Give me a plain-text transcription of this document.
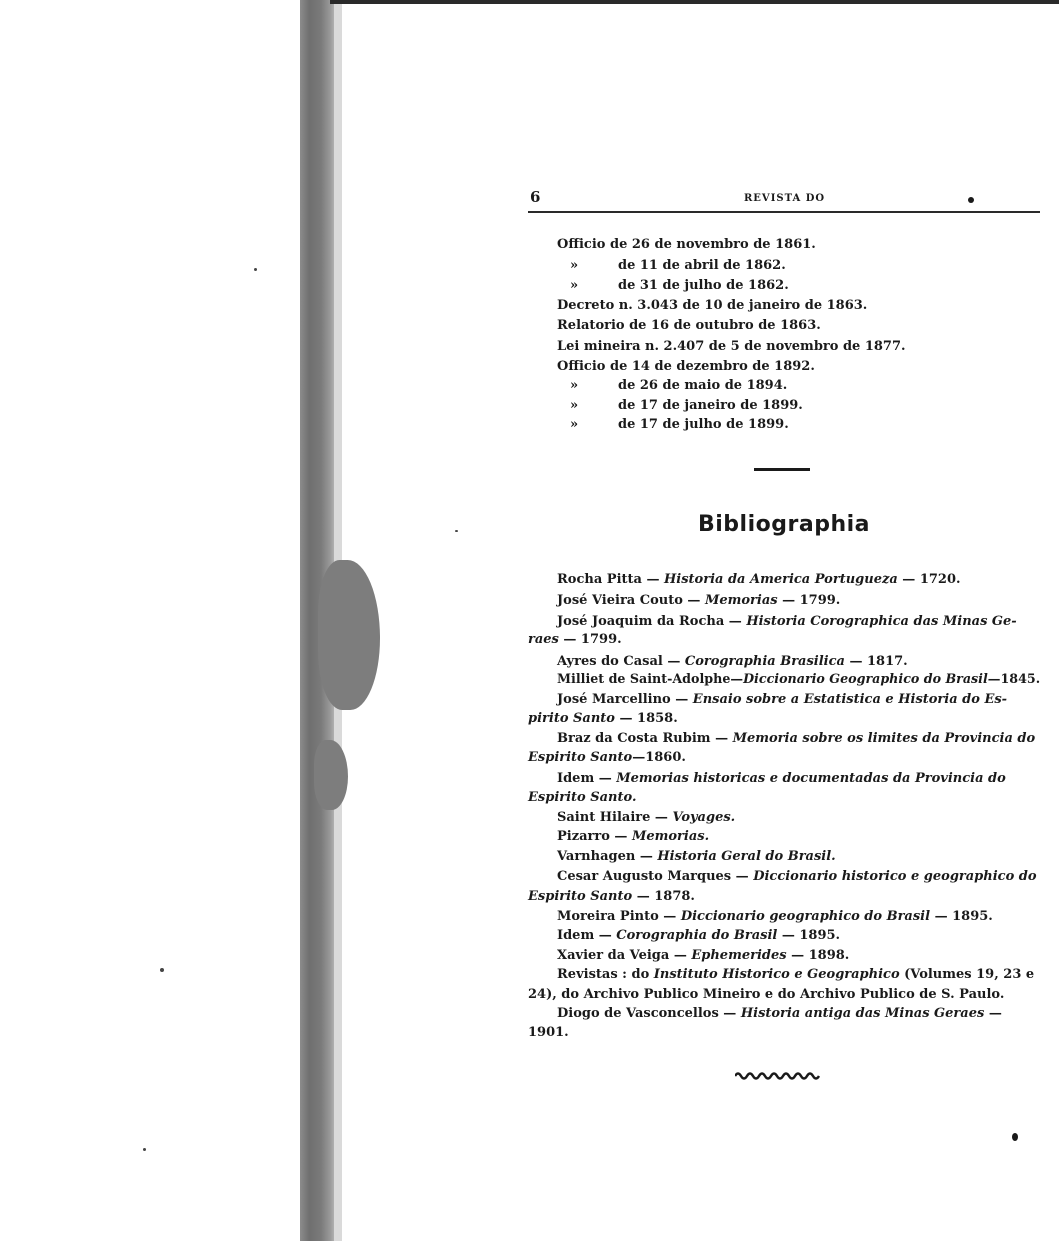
6	REVISTA DO
Officio de 26 de novembro de 1861.
»	de 11 de abril de 1862.
»	de 31 de julho de 1862.
Decreto n. 3.043 de 10 de janeiro de 1863.
Relatorio de 16 de outubro de 1863.
Lei mineira n. 2.407 de 5 de novembro de 1877.
Officio de 14 de dezembro de 1892.
»	de 26 de maio de 1894.
»	de 17 de janeiro de 1899.
»	de 17 de julho de 1899.
Bibliographia
Rocha Pitta — Historia da America Portugueza — 1720.
José Vieira Couto — Memorias — 1799.
José Joaquim da Rocha — Historia Corographica das Minas Ge-
raes — 1799.
Ayres do Casal — Corographia Brasilica — 1817.
Milliet de Saint-Adolphe—Diccionario Geographico do Brasil—1845.
José Marcellino — Ensaio sobre a Estatistica e Historia do Es-
pirito Santo — 1858.
Braz da Costa Rubim — Memoria sobre os limites da Provincia do
Espirito Santo—1860.
Idem — Memorias historicas e documentadas da Provincia do
Espirito Santo.
Saint Hilaire — Voyages.
Pizarro — Memorias.
Varnhagen — Historia Geral do Brasil.
Cesar Augusto Marques — Diccionario historico e geographico do
Espirito Santo — 1878.
Moreira Pinto — Diccionario geographico do Brasil — 1895.
Idem — Corographia do Brasil — 1895.
Xavier da Veiga — Ephemerides — 1898.
Revistas : do Instituto Historico e Geographico (Volumes 19, 23 e
24), do Archivo Publico Mineiro e do Archivo Publico de S. Paulo.
Diogo de Vasconcellos — Historia antiga das Minas Geraes —
1901.
